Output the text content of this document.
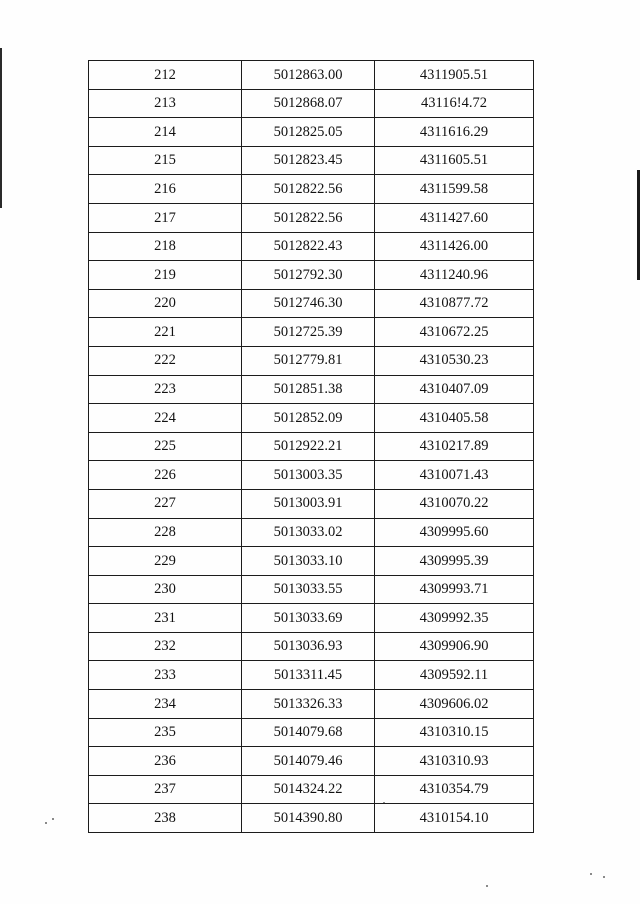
212	5012863.00	4311905.51
213	5012868.07	43116!4.72
214	5012825.05	4311616.29
215	5012823.45	4311605.51
216	5012822.56	4311599.58
217	5012822.56	4311427.60
218	5012822.43	4311426.00
219	5012792.30	4311240.96
220	5012746.30	4310877.72
221	5012725.39	4310672.25
222	5012779.81	4310530.23
223	5012851.38	4310407.09
224	5012852.09	4310405.58
225	5012922.21	4310217.89
226	5013003.35	4310071.43
227	5013003.91	4310070.22
228	5013033.02	4309995.60
229	5013033.10	4309995.39
230	5013033.55	4309993.71
231	5013033.69	4309992.35
232	5013036.93	4309906.90
233	5013311.45	4309592.11
234	5013326.33	4309606.02
235	5014079.68	4310310.15
236	5014079.46	4310310.93
237	5014324.22	4310354.79
238	5014390.80	4310154.10
